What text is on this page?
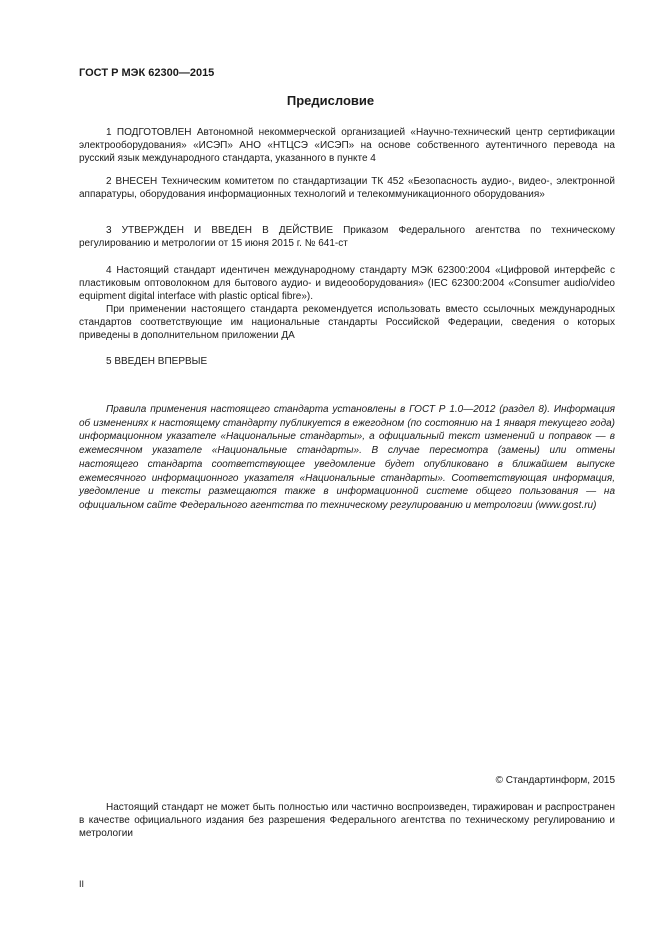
ГОСТ Р МЭК 62300—2015
Предисловие

1 ПОДГОТОВЛЕН Автономной некоммерческой организацией «Научно-технический центр сертификации электрооборудования» «ИСЭП» АНО «НТЦСЭ «ИСЭП» на основе собственного аутентичного перевода на русский язык международного стандарта, указанного в пункте 4

2 ВНЕСЕН Техническим комитетом по стандартизации ТК 452 «Безопасность аудио-, видео-, электронной аппаратуры, оборудования информационных технологий и телекоммуникационного оборудования»

3 УТВЕРЖДЕН И ВВЕДЕН В ДЕЙСТВИЕ Приказом Федерального агентства по техническому регулированию и метрологии от 15 июня 2015 г. № 641-ст

4 Настоящий стандарт идентичен международному стандарту МЭК 62300:2004 «Цифровой интерфейс с пластиковым оптоволокном для бытового аудио- и видеооборудования» (IEC 62300:2004 «Consumer audio/video equipment digital interface with plastic optical fibre»).

При применении настоящего стандарта рекомендуется использовать вместо ссылочных международных стандартов соответствующие им национальные стандарты Российской Федерации, сведения о которых приведены в дополнительном приложении ДА

5 ВВЕДЕН ВПЕРВЫЕ

Правила применения настоящего стандарта установлены в ГОСТ Р 1.0—2012 (раздел 8). Информация об изменениях к настоящему стандарту публикуется в ежегодном (по состоянию на 1 января текущего года) информационном указателе «Национальные стандарты», а официальный текст изменений и поправок — в ежемесячном указателе «Национальные стандарты». В случае пересмотра (замены) или отмены настоящего стандарта соответствующее уведомление будет опубликовано в ближайшем выпуске ежемесячного информационного указателя «Национальные стандарты». Соответствующая информация, уведомление и тексты размещаются также в информационной системе общего пользования — на официальном сайте Федерального агентства по техническому регулированию и метрологии (www.gost.ru)

© Стандартинформ, 2015

Настоящий стандарт не может быть полностью или частично воспроизведен, тиражирован и распространен в качестве официального издания без разрешения Федерального агентства по техническому регулированию и метрологии

II
